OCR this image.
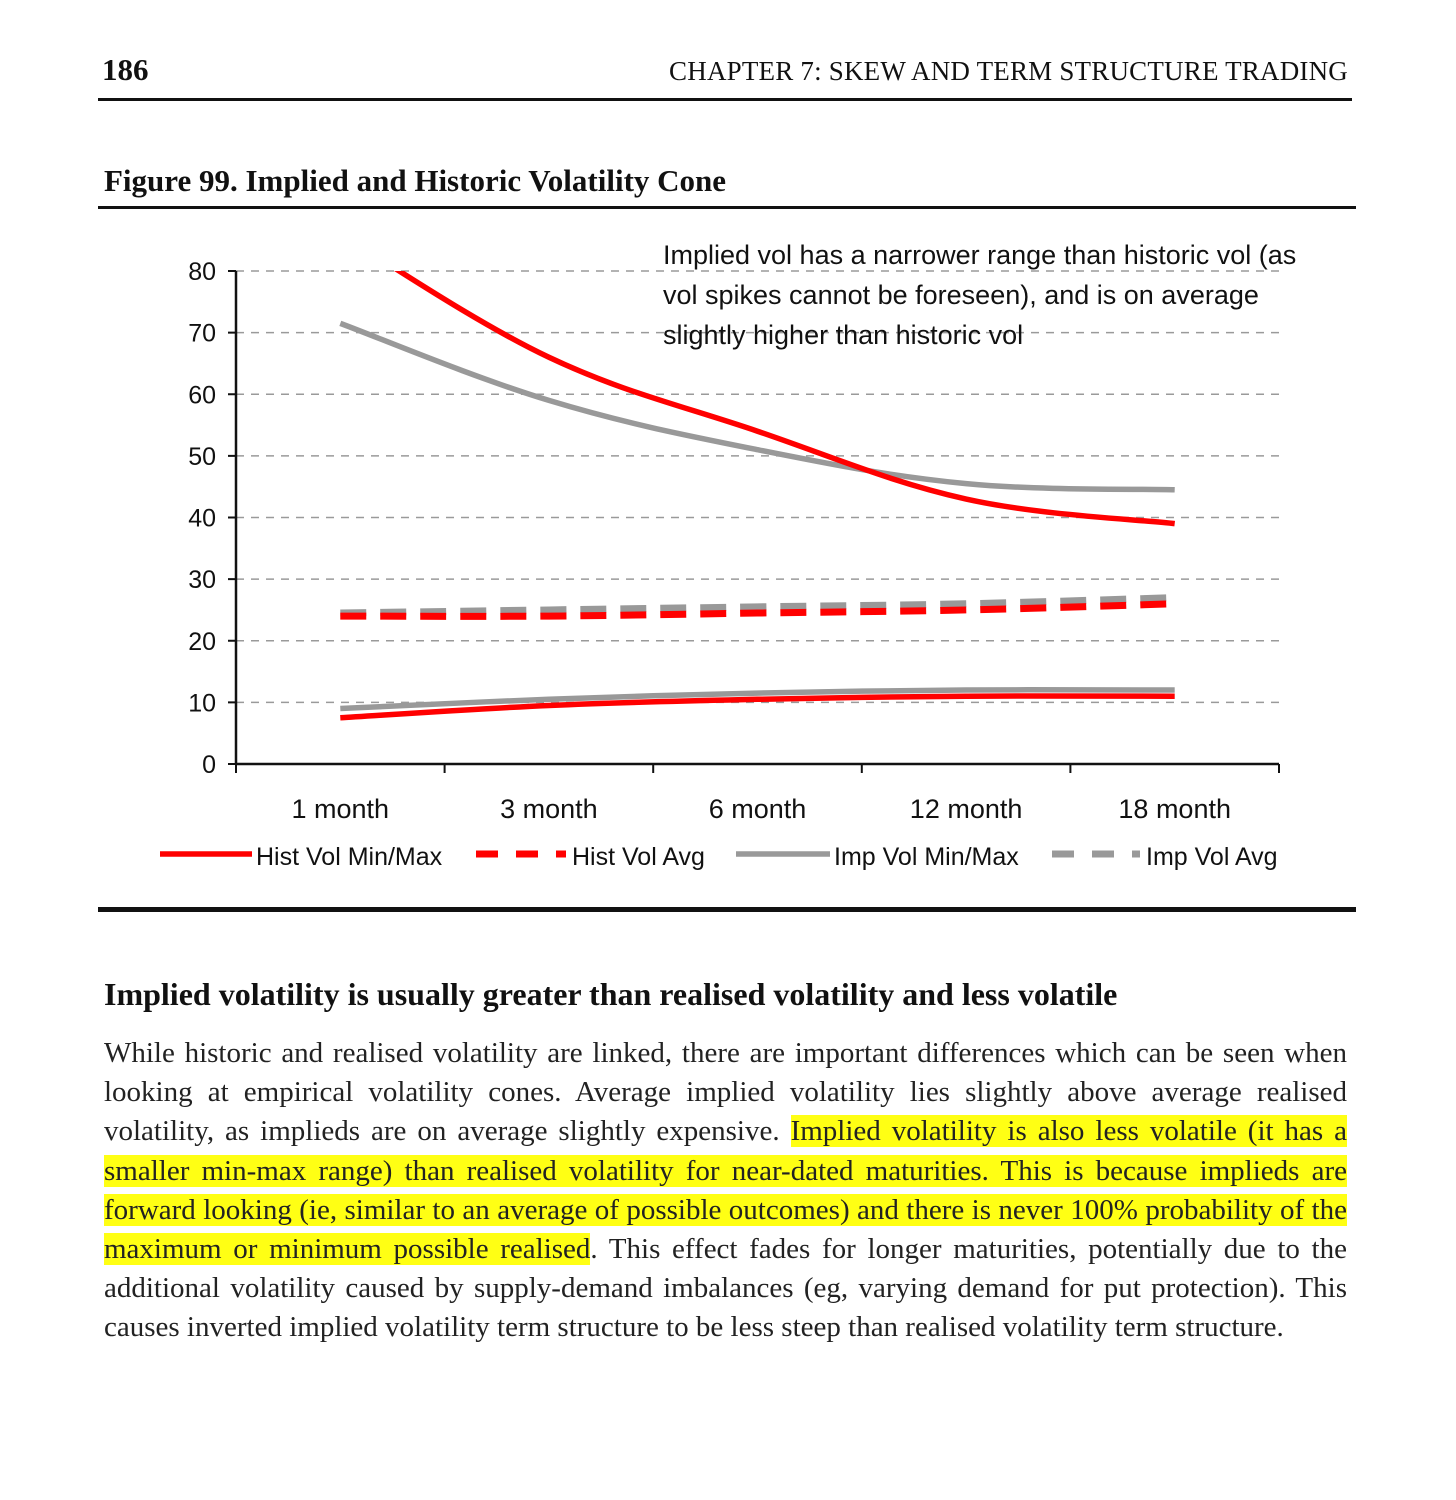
186	CHAPTER 7: SKEW AND TERM STRUCTURE TRADING
Figure 99. Implied and Historic Volatility Cone
0
10
20
30
40
50
60
70
80
1 month	3 month	6 month	12 month	18 month
Hist Vol Min/Max	Hist Vol Avg	Imp Vol Min/Max	Imp Vol Avg
Implied vol has a narrower range than historic vol (as vol spikes cannot be foreseen), and is on average slightly higher than historic vol
Implied volatility is usually greater than realised volatility and less volatile
While historic and realised volatility are linked, there are important differences which can be seen when looking at empirical volatility cones. Average implied volatility lies slightly above average realised volatility, as implieds are on average slightly expensive. Implied volatility is also less volatile (it has a smaller min-max range) than realised volatility for near-dated maturities. This is because implieds are forward looking (ie, similar to an average of possible outcomes) and there is never 100% probability of the maximum or minimum possible realised. This effect fades for longer maturities, potentially due to the additional volatility caused by supply-demand imbalances (eg, varying demand for put protection). This causes inverted implied volatility term structure to be less steep than realised volatility term structure.
